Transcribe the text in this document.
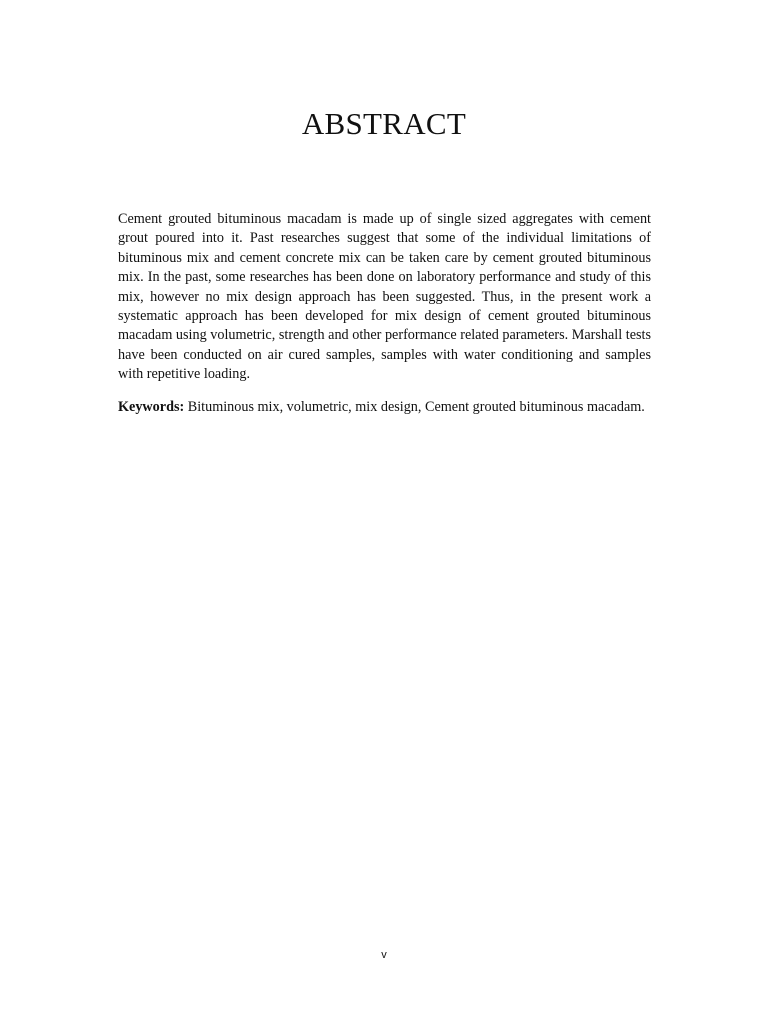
ABSTRACT

Cement grouted bituminous macadam is made up of single sized aggregates with cement grout poured into it. Past researches suggest that some of the individual limitations of bituminous mix and cement concrete mix can be taken care by cement grouted bituminous mix. In the past, some researches has been done on laboratory performance and study of this mix, however no mix design approach has been suggested. Thus, in the present work a systematic approach has been developed for mix design of cement grouted bituminous macadam using volumetric, strength and other performance related parameters. Marshall tests have been conducted on air cured samples, samples with water conditioning and samples with repetitive loading.

Keywords: Bituminous mix, volumetric, mix design, Cement grouted bituminous macadam.

v
